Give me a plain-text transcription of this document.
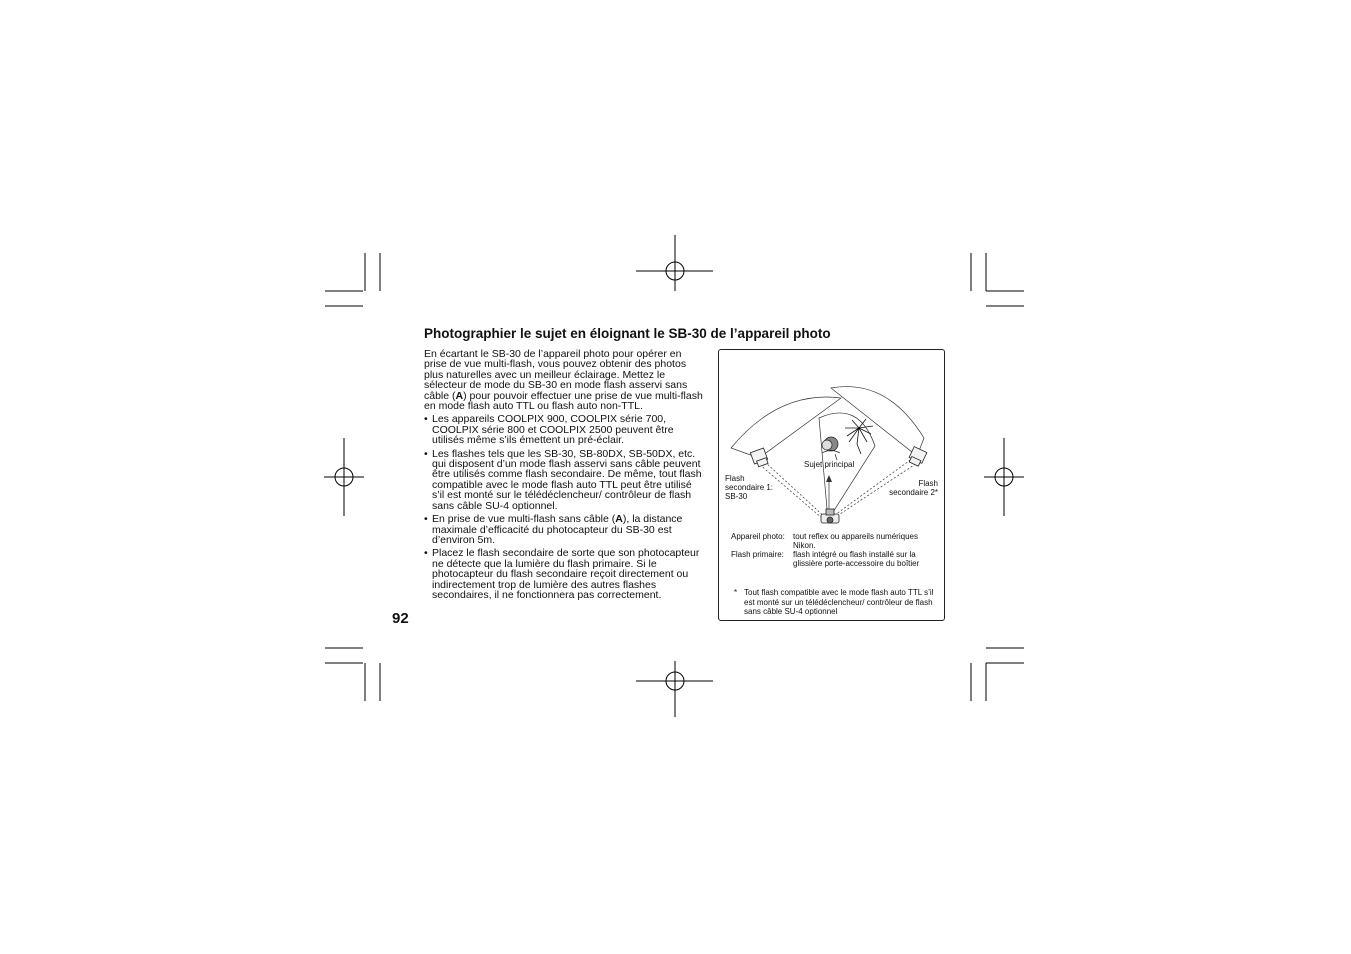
Photographier le sujet en éloignant le SB-30 de l’appareil photo

En écartant le SB-30 de l’appareil photo pour opérer en prise de vue multi-flash, vous pouvez obtenir des photos plus naturelles avec un meilleur éclairage. Mettez le sélecteur de mode du SB-30 en mode flash asservi sans câble (A) pour pouvoir effectuer une prise de vue multi-flash en mode flash auto TTL ou flash auto non-TTL.

• Les appareils COOLPIX 900, COOLPIX série 700, COOLPIX série 800 et COOLPIX 2500 peuvent être utilisés même s’ils émettent un pré-éclair.
• Les flashes tels que les SB-30, SB-80DX, SB-50DX, etc. qui disposent d’un mode flash asservi sans câble peuvent être utilisés comme flash secondaire. De même, tout flash compatible avec le mode flash auto TTL peut être utilisé s’il est monté sur le télédéclencheur/ contrôleur de flash sans câble SU-4 optionnel.
• En prise de vue multi-flash sans câble (A), la distance maximale d’efficacité du photocapteur du SB-30 est d’environ 5m.
• Placez le flash secondaire de sorte que son photocapteur ne détecte que la lumière du flash primaire. Si le photocapteur du flash secondaire reçoit directement ou indirectement trop de lumière des autres flashes secondaires, il ne fonctionnera pas correctement.
92
Flash
secondaire 1:
SB-30
Flash
secondaire 2*
Sujet principal
Appareil photo:	tout reflex ou appareils numériques Nikon.
Flash primaire:	flash intégré ou flash installé sur la glissière porte-accessoire du boîtier
* Tout flash compatible avec le mode flash auto TTL s’il est monté sur un télédéclencheur/ contrôleur de flash sans câble SU-4 optionnel
